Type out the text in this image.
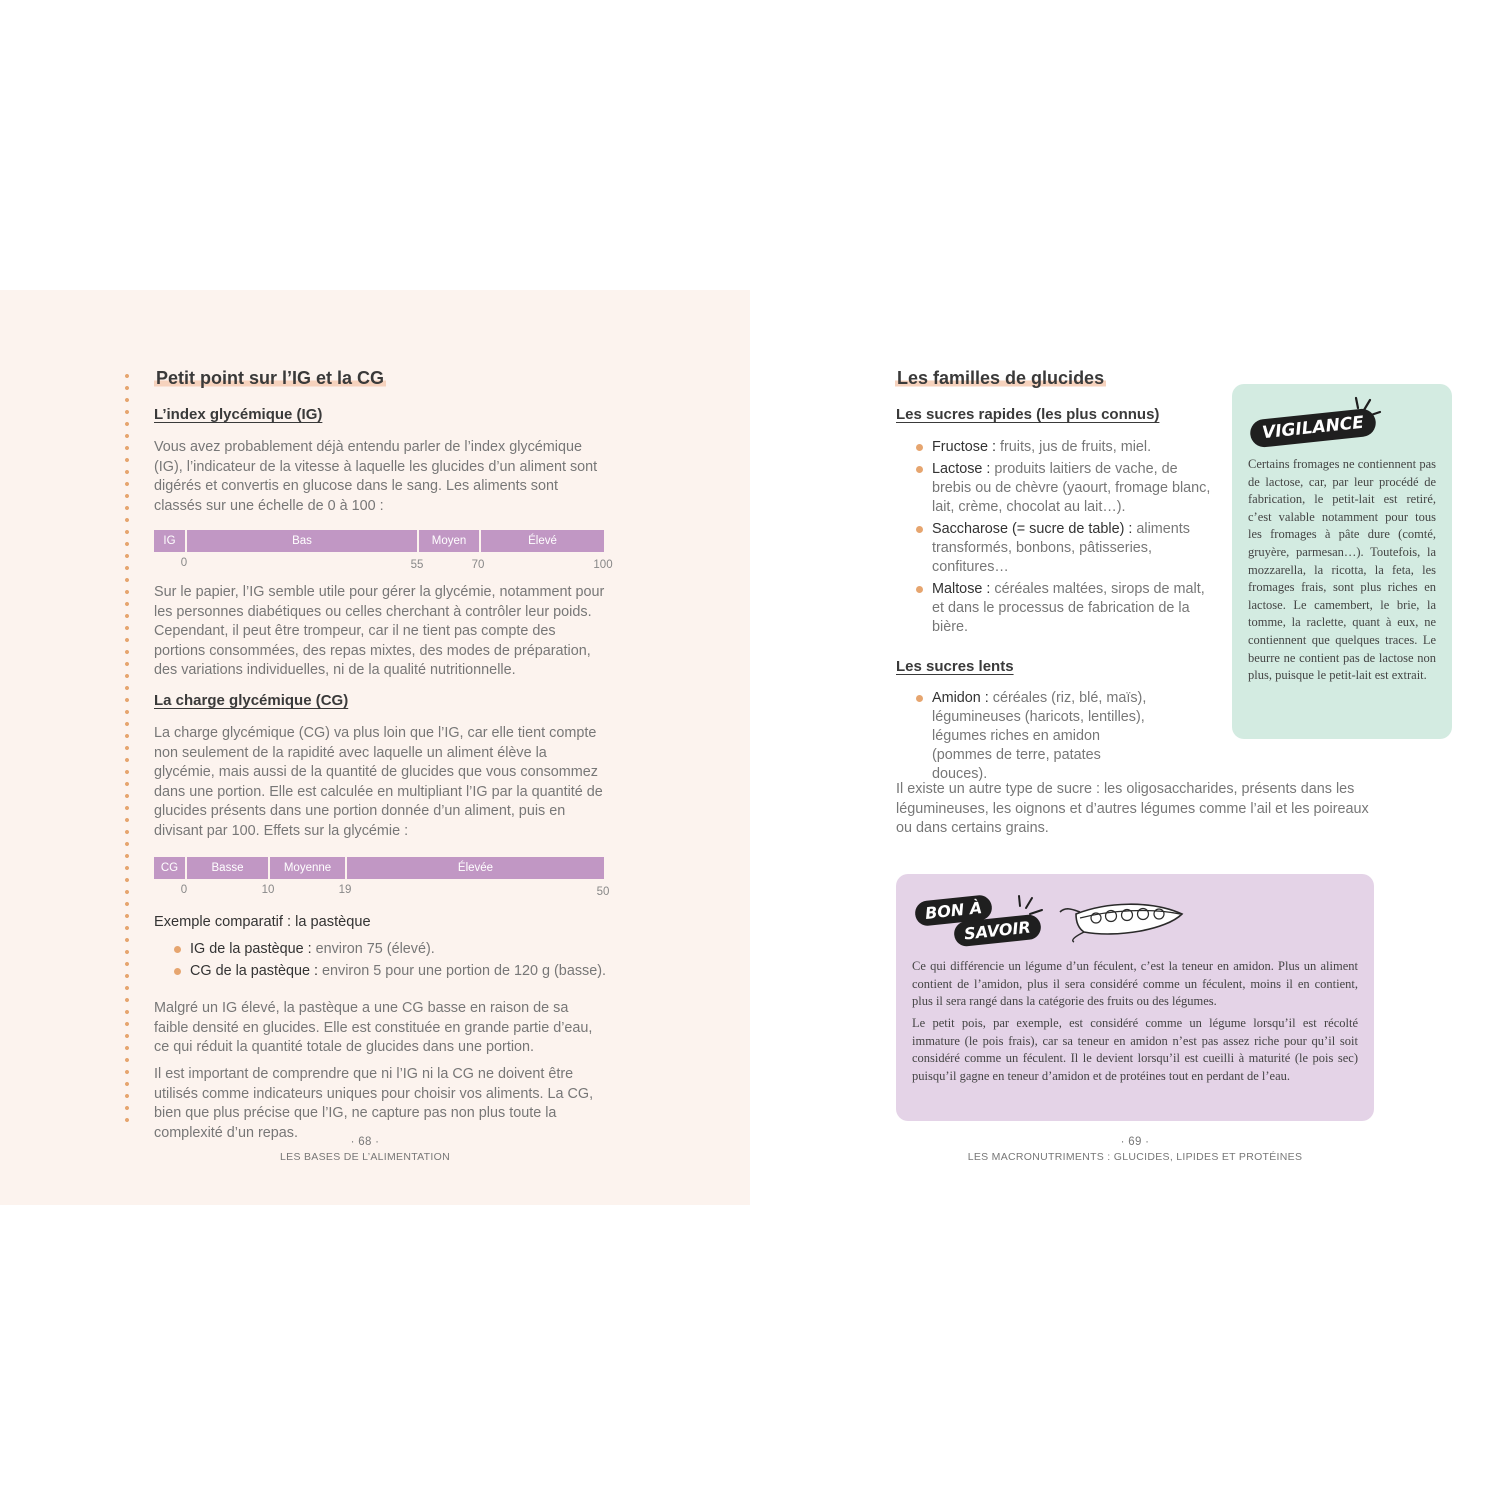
Petit point sur l’IG et la CG
L’index glycémique (IG)

Vous avez probablement déjà entendu parler de l’index glycémique (IG), l’indicateur de la vitesse à laquelle les glucides d’un aliment sont digérés et convertis en glucose dans le sang. Les aliments sont classés sur une échelle de 0 à 100 :

IG	Bas	Moyen	Élevé
0	55	70	100

Sur le papier, l’IG semble utile pour gérer la glycémie, notamment pour les personnes diabétiques ou celles cherchant à contrôler leur poids. Cependant, il peut être trompeur, car il ne tient pas compte des portions consommées, des repas mixtes, des modes de préparation, des variations individuelles, ni de la qualité nutritionnelle.

La charge glycémique (CG)

La charge glycémique (CG) va plus loin que l’IG, car elle tient compte non seulement de la rapidité avec laquelle un aliment élève la glycémie, mais aussi de la quantité de glucides que vous consommez dans une portion. Elle est calculée en multipliant l’IG par la quantité de glucides présents dans une portion donnée d’un aliment, puis en divisant par 100. Effets sur la glycémie :

CG	Basse	Moyenne	Élevée
0	10	19	50
Exemple comparatif : la pastèque
IG de la pastèque : environ 75 (élevé).
CG de la pastèque : environ 5 pour une portion de 120 g (basse).

Malgré un IG élevé, la pastèque a une CG basse en raison de sa faible densité en glucides. Elle est constituée en grande partie d’eau, ce qui réduit la quantité totale de glucides dans une portion.

Il est important de comprendre que ni l’IG ni la CG ne doivent être utilisés comme indicateurs uniques pour choisir vos aliments. La CG, bien que plus précise que l’IG, ne capture pas non plus toute la complexité d’un repas.

· 68 ·
LES BASES DE L’ALIMENTATION
Les familles de glucides
Les sucres rapides (les plus connus)
Fructose : fruits, jus de fruits, miel.
Lactose : produits laitiers de vache, de brebis ou de chèvre (yaourt, fromage blanc, lait, crème, chocolat au lait…).
Saccharose (= sucre de table) : aliments transformés, bonbons, pâtisseries, confitures…
Maltose : céréales maltées, sirops de malt, et dans le processus de fabrication de la bière.
Les sucres lents
Amidon : céréales (riz, blé, maïs), légumineuses (haricots, lentilles), légumes riches en amidon (pommes de terre, patates douces).

Il existe un autre type de sucre : les oligosaccharides, présents dans les légumineuses, les oignons et d’autres légumes comme l’ail et les poireaux ou dans certains grains.

VIGILANCE

Certains fromages ne contiennent pas de lactose, car, par leur procédé de fabrication, le petit-lait est retiré, c’est valable notamment pour tous les fromages à pâte dure (comté, gruyère, parmesan…). Toutefois, la mozzarella, la ricotta, la feta, les fromages frais, sont plus riches en lactose. Le camembert, le brie, la tomme, la raclette, quant à eux, ne contiennent que quelques traces. Le beurre ne contient pas de lactose non plus, puisque le petit-lait est extrait.

BON À
SAVOIR

Ce qui différencie un légume d’un féculent, c’est la teneur en amidon. Plus un aliment contient de l’amidon, plus il sera considéré comme un féculent, moins il en contient, plus il sera rangé dans la catégorie des fruits ou des légumes.

Le petit pois, par exemple, est considéré comme un légume lorsqu’il est récolté immature (le pois frais), car sa teneur en amidon n’est pas assez riche pour qu’il soit considéré comme un féculent. Il le devient lorsqu’il est cueilli à maturité (le pois sec) puisqu’il gagne en teneur d’amidon et de protéines tout en perdant de l’eau.

· 69 ·
LES MACRONUTRIMENTS : GLUCIDES, LIPIDES ET PROTÉINES
